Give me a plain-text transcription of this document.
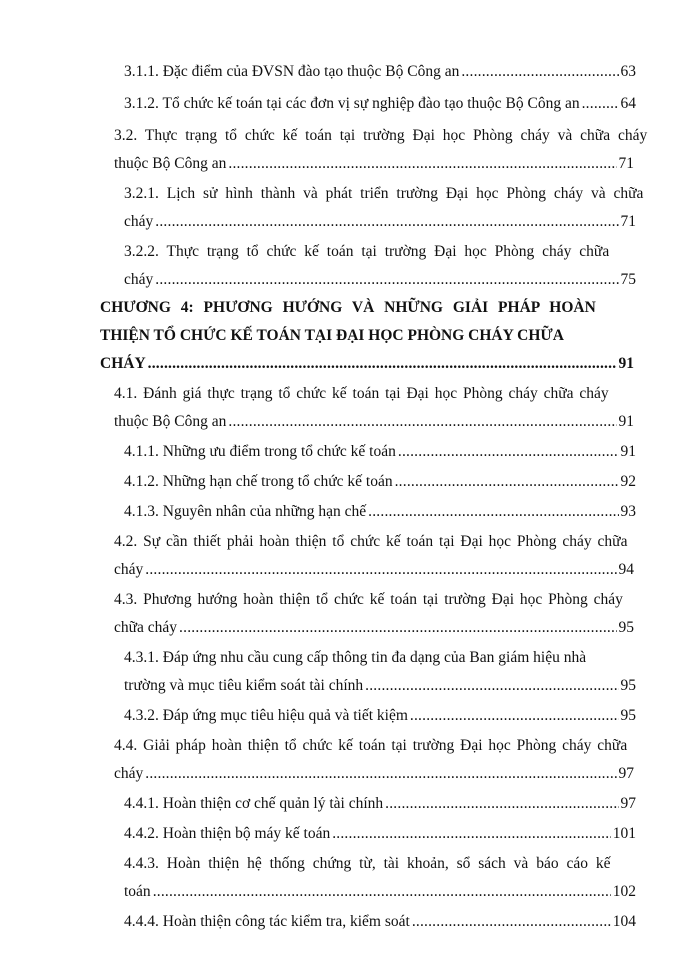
3.1.1. Đặc điểm của ĐVSN đào tạo thuộc Bộ Công an .....	63
3.1.2. Tổ chức kế toán tại các đơn vị sự nghiệp đào tạo thuộc Bộ Công an .....	64
3.2. Thực trạng tổ chức kế toán tại trường Đại học Phòng cháy và chữa cháy
thuộc Bộ Công an .....	71
3.2.1. Lịch sử hình thành và phát triển trường Đại học Phòng cháy và chữa
cháy .....	71
3.2.2. Thực trạng tổ chức kế toán tại trường Đại học Phòng cháy chữa
cháy .....	75
CHƯƠNG 4: PHƯƠNG HƯỚNG VÀ NHỮNG GIẢI PHÁP HOÀN
THIỆN TỔ CHỨC KẾ TOÁN TẠI ĐẠI HỌC PHÒNG CHÁY CHỮA
CHÁY .....	91
4.1. Đánh giá thực trạng tổ chức kế toán tại Đại học Phòng cháy chữa cháy
thuộc Bộ Công an .....	91
4.1.1. Những ưu điểm trong tổ chức kế toán .....	91
4.1.2. Những hạn chế trong tổ chức kế toán .....	92
4.1.3. Nguyên nhân của những hạn chế .....	93
4.2. Sự cần thiết phải hoàn thiện tổ chức kế toán tại Đại học Phòng cháy chữa
cháy .....	94
4.3. Phương hướng hoàn thiện tổ chức kế toán tại trường Đại học Phòng cháy
chữa cháy .....	95
4.3.1. Đáp ứng nhu cầu cung cấp thông tin đa dạng của Ban giám hiệu nhà
trường và mục tiêu kiểm soát tài chính .....	95
4.3.2. Đáp ứng mục tiêu hiệu quả và tiết kiệm .....	95
4.4. Giải pháp hoàn thiện tổ chức kế toán tại trường Đại học Phòng cháy chữa
cháy .....	97
4.4.1. Hoàn thiện cơ chế quản lý tài chính .....	97
4.4.2. Hoàn thiện bộ máy kế toán .....	101
4.4.3. Hoàn thiện hệ thống chứng từ, tài khoản, sổ sách và báo cáo kế
toán .....	102
4.4.4. Hoàn thiện công tác kiểm tra, kiểm soát .....	104
